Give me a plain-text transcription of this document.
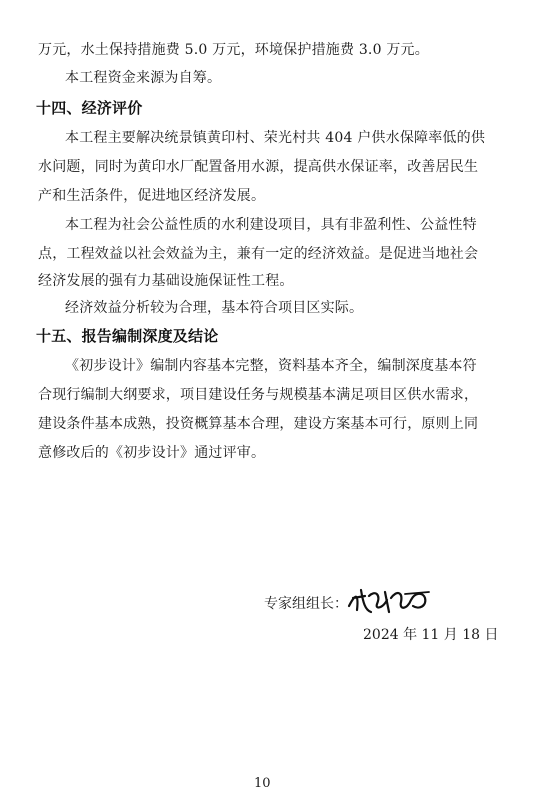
万元，水土保持措施费 5.0 万元，环境保护措施费 3.0 万元。
本工程资金来源为自筹。
十四、经济评价
本工程主要解决统景镇黄印村、荣光村共 404 户供水保障率低的供
水问题，同时为黄印水厂配置备用水源，提高供水保证率，改善居民生
产和生活条件，促进地区经济发展。
本工程为社会公益性质的水利建设项目，具有非盈利性、公益性特
点，工程效益以社会效益为主，兼有一定的经济效益。是促进当地社会
经济发展的强有力基础设施保证性工程。
经济效益分析较为合理，基本符合项目区实际。
十五、报告编制深度及结论
《初步设计》编制内容基本完整，资料基本齐全，编制深度基本符
合现行编制大纲要求，项目建设任务与规模基本满足项目区供水需求，
建设条件基本成熟，投资概算基本合理，建设方案基本可行，原则上同
意修改后的《初步设计》通过评审。
专家组组长：
2024 年 11 月 18 日
10
